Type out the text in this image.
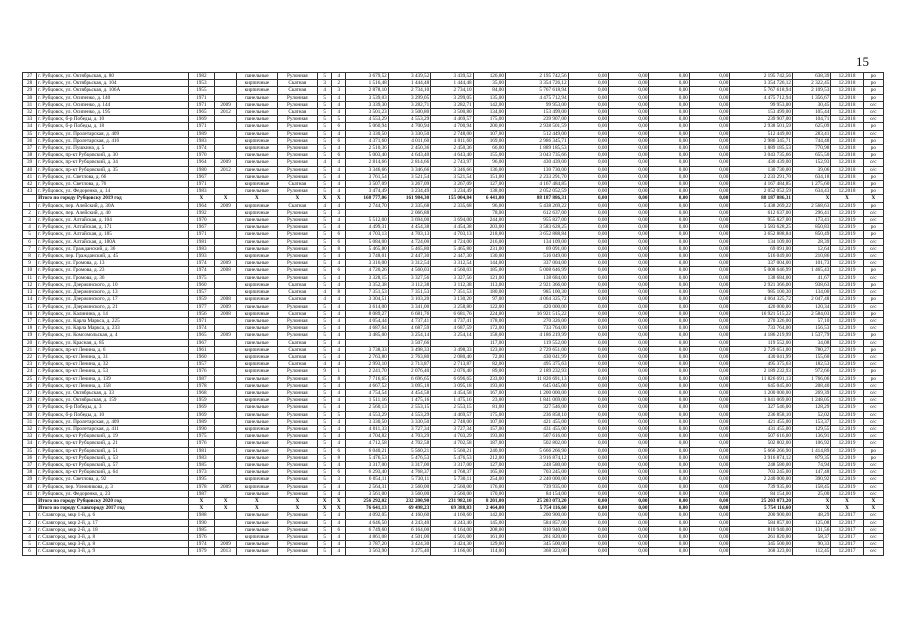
15
27	г. Рубцовск, ул. Октябрьская, д. 80	1982		панельные	Рулонная	5	4	3 679,52	3 439,52	3 439,52	126,00	2 195 742,56	0,00	0,00	0,00	0,00	2 195 742,56	638,39	12.2018	ро
28	г. Рубцовск, ул. Октябрьская, д. 104	1953		кирпичные	Скатная	3	2	1 516,48	1 444,48	1 444,48	35,00	3 354 726,12	0,00	0,00	0,00	0,00	3 354 726,12	2 322,45	12.2018	ро
29	г. Рубцовск, ул. Октябрьская, д. 106А	1955		кирпичные	Скатная	4	3	2 878,10	2 734,10	2 734,10	84,00	5 767 618,94	0,00	0,00	0,00	0,00	5 767 618,94	2 109,53	12.2018	ро
30	г. Рубцовск, ул. Осипенко, д. 140	1971		панельные	Рулонная	5	4	3 539,03	3 299,05	3 299,05	135,00	4 475 712,94	0,00	0,00	0,00	0,00	4 475 712,94	1 356,67	12.2018	ро
31	г. Рубцовск, ул. Осипенко, д. 144	1971	2009	панельные	Рулонная	5	4	3 339,30	3 282,71	3 282,71	142,00	99 953,00	0,00	0,00	0,00	0,00	99 953,00	30,45	12.2018	о/с
32	г. Рубцовск, ул. Осипенко, д. 195	1965	2012	панельные	Скатная	5	4	3 501,23	3 500,80	3 500,80	134,00	153 499,00	0,00	0,00	0,00	0,00	153 499,00	105,44	12.2018	о/с
33	г. Рубцовск, б-р Победы, д. 10	1969		панельные	Рулонная	5	5	4 553,29	4 553,29	4 469,57	175,00	239 907,00	0,00	0,00	0,00	0,00	239 907,00	104,71	12.2018	о/с
34	г. Рубцовск, б-р Победы, д. 18	1971		панельные	Рулонная	5	6	5 060,94	4 700,94	4 700,94	200,00	2 938 501,59	0,00	0,00	0,00	0,00	2 938 501,59	625,09	12.2018	ро
35	г. Рубцовск, ул. Пролетарская, д. 409	1989		панельные	Рулонная	5	4	3 330,50	3 330,50	2 748,00	107,00	512 449,00	0,00	0,00	0,00	0,00	512 449,00	283,41	12.2018	о/с
36	г. Рубцовск, ул. Пролетарская, д. 416	1983		кирпичные	Рулонная	5	6	4 371,60	4 011,60	4 011,60	169,00	2 986 345,71	0,00	0,00	0,00	0,00	2 986 345,71	744,48	12.2018	ро
37	г. Рубцовск, ул. Пушкина, д. 5	1974		кирпичные	Рулонная	5	4	2 510,36	2 450,36	2 450,36	66,00	1 889 185,53	0,00	0,00	0,00	0,00	1 889 185,53	770,98	12.2018	ро
38	г. Рубцовск, пр-кт Рубцовский, д. 30	1970		панельные	Рулонная	5	6	5 003,40	4 643,40	4 643,40	155,00	3 043 735,66	0,00	0,00	0,00	0,00	3 043 735,66	655,50	12.2018	ро
39	г. Рубцовск, пр-кт Рубцовский, д. 34	1964	2009	панельные	Рулонная	4	4	2 814,66	2 814,66	2 743,97	96,00	430 439,00	0,00	0,00	0,00	0,00	430 439,00	152,93	12.2018	о/с
40	г. Рубцовск, пр-кт Рубцовский, д. 35	1980	2012	панельные	Рулонная	5	4	3 346,66	3 346,66	3 346,66	136,00	130 730,00	0,00	0,00	0,00	0,00	130 730,00	39,06	12.2018	о/с
41	г. Рубцовск, ул. Светлова, д. 66	1967		панельные	Рулонная	5	4	3 761,54	3 521,54	3 521,54	151,00	2 233 291,70	0,00	0,00	0,00	0,00	2 233 291,70	634,18	12.2018	ро
42	г. Рубцовск, ул. Светлова, д. 76	1971		кирпичные	Скатная	5	4	3 507,09	3 267,09	3 267,09	127,00	4 167 484,85	0,00	0,00	0,00	0,00	4 167 484,85	1 275,60	12.2018	ро
43	г. Рубцовск, ул. Федоренко, д. 14	1983		панельные	Рулонная	5	4	3 474,49	3 234,49	3 234,49	138,00	2 052 052,59	0,00	0,00	0,00	0,00	2 052 052,59	634,43	12.2018	ро
	Итого по городу Рубцовску 2019 год	X	X	X	X	X	X	168 777,06	161 984,30	155 004,84	6 441,00	88 187 886,31	0,00	0,00	0,00	0,00	88 187 886,31	X	X	X
1	г. Рубцовск, пер. Алейский, д. 30А	1964	2009	кирпичные	Скатная	4	4	2 744,70	2 335,68	2 335,68	96,00	5 438 269,22	0,00	0,00	0,00	0,00	5 438 269,22	2 568,63	12.2019	ро
2	г. Рубцовск, пер. Алейский, д. 40	1992		кирпичные	Рулонная	5	3		2 066,88		78,00	612 637,00	0,00	0,00	0,00	0,00	612 637,00	296,41	12.2019	о/с
3	г. Рубцовск, ул. Алтайская, д. 104	1970		панельные	Рулонная	5	4	5 512,00	3 694,00	3 694,00	244,00	955 827,00	0,00	0,00	0,00	0,00	955 827,00	173,41	12.2019	о/с
4	г. Рубцовск, ул. Алтайская, д. 171	1967		панельные	Рулонная	5	4	4 499,31	4 454,38	4 454,38	203,00	3 583 628,25	0,00	0,00	0,00	0,00	3 583 628,25	850,83	12.2019	ро
5	г. Рубцовск, ул. Алтайская, д. 185	1971		панельные	Рулонная	5	6	4 703,13	4 703,13	4 703,13	218,00	3 652 888,84	0,00	0,00	0,00	0,00	3 652 888,84	850,49	12.2019	ро
6	г. Рубцовск, ул. Алтайская, д. 180А	1981		панельные	Рулонная	5	6	5 084,00	4 724,00	4 724,00	216,00	134 109,00	0,00	0,00	0,00	0,00	134 109,00	28,39	12.2019	о/с
7	г. Рубцовск, ул. Гражданский, д. 36	1983		панельные	Рулонная	5	8	5 465,80	5 465,80	5 465,80	231,00	69 091,00	0,00	0,00	0,00	0,00	69 091,00	12,64	12.2019	о/с
8	г. Рубцовск, пер. Гражданский, д. 45	1993		кирпичные	Рулонная	5	4	3 748,01	2 447,30	2 447,30	130,00	516 049,00	0,00	0,00	0,00	0,00	516 049,00	210,86	12.2019	о/с
9	г. Рубцовск, ул. Громова, д. 13	1974	2009	панельные	Рулонная	5	4	3 316,00	3 312,54	3 312,54	144,00	337 004,00	0,00	0,00	0,00	0,00	337 004,00	101,73	12.2019	о/с
10	г. Рубцовск, ул. Громова, д. 23	1974	2008	панельные	Рулонная	5	6	4 720,26	4 560,03	4 560,03	185,00	5 008 646,99	0,00	0,00	0,00	0,00	5 008 646,99	1 465,43	12.2019	ро
11	г. Рубцовск, ул. Громова, д. 36	1975		панельные	Рулонная	5	4	3 328,15	3 327,56	3 327,56	121,00	138 684,00	0,00	0,00	0,00	0,00	138 684,00	41,67	12.2019	о/с
12	г. Рубцовск, ул. Дзержинского, д. 10	1960		кирпичные	Скатная	5	4	3 352,38	3 112,38	3 112,38	113,00	2 921 366,00	0,00	0,00	0,00	0,00	2 921 366,00	938,63	12.2019	ро
13	г. Рубцовск, ул. Дзержинского, д. 13	1957		кирпичные	Скатная	4	8	7 351,53	7 351,53	7 351,53	180,00	985 100,30	0,00	0,00	0,00	0,00	985 100,30	134,00	12.2019	о/с
14	г. Рубцовск, ул. Дзержинского, д. 17	1959	2008	кирпичные	Скатная	4	4	3 304,51	3 103,20	3 130,20	97,00	4 064 325,72	0,00	0,00	0,00	0,00	4 064 325,72	2 047,48	12.2019	ро
15	г. Рубцовск, ул. Дзержинского, д. 21	1977	2009	панельные	Рулонная	5	4	3 614,00	3 341,00	3 258,80	122,00	420 000,00	0,00	0,00	0,00	0,00	420 000,00	120,34	12.2019	о/с
16	г. Рубцовск, ул. Калинина, д. 14	1956	2008	кирпичные	Скатная	5	4	8 089,27	6 681,76	6 681,76	224,00	16 921 515,22	0,00	0,00	0,00	0,00	16 921 515,22	2 584,03	12.2019	ро
17	г. Рубцовск, ул. Карла Маркса, д. 225	1971		панельные	Рулонная	5	4	4 054,44	4 737,41	4 737,41	178,00	270 326,00	0,00	0,00	0,00	0,00	270 326,00	57,10	12.2019	о/с
18	г. Рубцовск, ул. Карла Маркса, д. 233	1974		панельные	Рулонная	5	4	4 687,64	4 687,59	4 687,59	172,00	733 764,00	0,00	0,00	0,00	0,00	733 764,00	156,53	12.2019	о/с
19	г. Рубцовск, ул. Комсомольская, д. 4	1965	2009	панельные	Рулонная	5	4	3 485,00	3 254,14	3 254,14	158,00	4 186 219,99	0,00	0,00	0,00	0,00	4 186 219,99	1 537,79	12.2019	ро
20	г. Рубцовск, ул. Красная, д. 85	1967		панельные	Скатная	5	4		3 507,66		117,00	119 552,00	0,00	0,00	0,00	0,00	119 552,00	34,08	12.2019	о/с
21	г. Рубцовск, пр-кт Ленина, д. 6	1961		кирпичные	Скатная	5	4	3 738,33	3 498,33	3 498,33	123,00	2 729 651,00	0,00	0,00	0,00	0,00	2 729 651,00	780,27	12.2019	ро
22	г. Рубцовск, пр-кт Ленина, д. 31	1960		кирпичные	Скатная	5	4	2 763,80	2 763,80	2 080,40	72,00	430 041,99	0,00	0,00	0,00	0,00	430 041,99	155,60	12.2019	о/с
23	г. Рубцовск, пр-кт Ленина, д. 32	1957		кирпичные	Скатная	4	4	2 993,10	2 713,87	2 713,87	82,00	495 375,63	0,00	0,00	0,00	0,00	495 375,63	182,53	12.2019	о/с
24	г. Рубцовск, пр-кт Ленина, д. 53	1976		кирпичные	Рулонная	9	1	2 241,70	2 076,40	2 076,40	89,00	2 189 232,93	0,00	0,00	0,00	0,00	2 189 232,93	972,66	12.2019	ро
25	г. Рубцовск, пр-кт Ленина, д. 139	1987		панельные	Рулонная	5	8	7 716,65	6 696,65	6 696,65	233,00	11 826 691,13	0,00	0,00	0,00	0,00	11 826 691,13	1 766,06	12.2019	ро
26	г. Рубцовск, пр-кт Ленина, д. 158	1978		панельные	Рулонная	5	4	4 667,52	3 095,18	3 095,18	193,00	645 045,00	0,00	0,00	0,00	0,00	645 045,00	208,40	12.2019	о/с
27	г. Рубцовск, ул. Октябрьская, д. 33	1968		панельные	Рулонная	5	4	4 754,54	4 454,58	4 454,58	167,00	1 200 000,00	0,00	0,00	0,00	0,00	1 200 000,00	269,39	12.2019	о/с
28	г. Рубцовск, ул. Октябрьская, д. 159	1959		кирпичные	Рулонная	5	4	1 511,16	1 475,16	1 475,16	23,00	1 841 069,00	0,00	0,00	0,00	0,00	1 841 069,00	1 248,05	12.2019	о/с
29	г. Рубцовск, б-р Победы, д. 3	1969		панельные	Рулонная	5	4	2 560,13	2 553,15	2 553,15	81,00	327 546,00	0,00	0,00	0,00	0,00	327 546,00	128,29	12.2019	о/с
30	г. Рубцовск, б-р Победы, д. 10	1969		панельные	Рулонная	5	5	4 553,29	4 553,29	4 469,57	175,00	236 858,10	0,00	0,00	0,00	0,00	236 858,10	52,02	12.2019	о/с
31	г. Рубцовск, ул. Пролетарская, д. 409	1989		панельные	Рулонная	5	4	3 330,50	3 330,50	2 748,00	107,00	421 455,00	0,00	0,00	0,00	0,00	421 455,00	153,37	12.2019	о/с
32	г. Рубцовск, ул. Пролетарская, д. 411	1990		кирпичные	Рулонная	5	4	4 011,33	3 727,34	3 727,34	157,00	431 455,00	0,00	0,00	0,00	0,00	431 455,00	129,55	12.2019	о/с
33	г. Рубцовск, пр-кт Рубцовский, д. 19	1975		панельные	Рулонная	5	4	4 704,82	4 703,29	4 703,29	193,00	507 616,00	0,00	0,00	0,00	0,00	507 616,00	136,91	12.2019	о/с
34	г. Рубцовск, пр-кт Рубцовский, д. 21	1976		панельные	Рулонная	5	4	4 712,58	4 702,58	4 702,58	187,00	502 802,00	0,00	0,00	0,00	0,00	502 802,00	106,92	12.2019	о/с
35	г. Рубцовск, пр-кт Рубцовский, д. 51	1981		панельные	Рулонная	5	6	6 040,21	5 560,21	5 560,21	240,00	5 666 266,90	0,00	0,00	0,00	0,00	5 666 266,90	1 414,89	12.2019	ро
36	г. Рубцовск, пр-кт Рубцовский, д. 53	1983		панельные	Рулонная	5	8	5 476,53	5 476,53	5 476,53	212,00	3 916 874,12	0,00	0,00	0,00	0,00	3 916 874,12	879,35	12.2019	ро
37	г. Рубцовск, пр-кт Рубцовский, д. 57	1985		панельные	Рулонная	5	4	3 317,00	3 317,00	3 317,00	127,00	248 580,00	0,00	0,00	0,00	0,00	248 580,00	74,94	12.2019	о/с
38	г. Рубцовск, пр-кт Рубцовский, д. 64	1973		панельные	Рулонная	5	6	6 293,40	4 768,37	4 768,37	165,00	703 245,00	0,00	0,00	0,00	0,00	703 245,00	147,48	12.2019	о/с
39	г. Рубцовск, ул. Светлова, д. 92	1995		кирпичные	Рулонная	5	3	6 054,11	5 730,11	5 730,11	254,00	2 240 000,00	0,00	0,00	0,00	0,00	2 240 000,00	390,92	12.2019	о/с
40	г. Рубцовск, пер. Улежникова, д. 3	1978	2009	кирпичные	Рулонная	5	4	2 564,31	2 560,00	2 560,00	176,00	739 935,00	0,00	0,00	0,00	0,00	739 935,00	158,45	12.2019	о/с
41	г. Рубцовск, ул. Федоренко, д. 23	1987		панельные	Рулонная	5	4	3 561,00	3 560,00	3 560,00	170,00	84 154,00	0,00	0,00	0,00	0,00	84 154,00	25,00	12.2019	о/с
	Итого по городу Рубцовску 2020 год	X	X	X	X	X	X	256 292,02	232 200,90	231 982,10	8 201,00	25 203 073,20	0,00	0,00	0,00	0,00	25 203 073,20	X	X	X
	Итого по городу Славгороду 2017 год	X	X	X	X	X	X	76 641,13	69 498,23	69 388,83	2 464,00	5 754 116,60	0,00	0,00	0,00	0,00	5 754 116,60	X	X	X
1	г. Славгород, мкр 1-й, д. 6	1988		панельные	Рулонная	5	4	4 092,05	4 160,60	4 160,60	142,00	200 900,00	0,00	0,00	0,00	0,00	200 900,00	48,29	12.2017	о/с
2	г. Славгород, мкр 2-й, д. 17	1990		панельные	Рулонная	5	4	4 646,50	4 243,40	4 243,40	145,00	584 857,00	0,00	0,00	0,00	0,00	584 857,00	125,08	12.2017	о/с
3	г. Славгород, мкр 2-й, д. 18	1985		панельные	Рулонная	5	6	6 749,60	6 164,00	6 164,00	208,00	810 940,00	0,00	0,00	0,00	0,00	810 940,00	131,56	12.2017	о/с
4	г. Славгород, мкр 3-й, д. 8	1976		кирпичные	Рулонная	5	4	4 861,08	4 501,00	4 501,00	161,00	261 820,00	0,00	0,00	0,00	0,00	261 820,00	58,37	12.2017	о/с
5	г. Славгород, мкр 3-й, д. 8	1974	2009	панельные	Рулонная	5	4	3 787,20	3 424,30	3 424,30	129,00	345 500,00	0,00	0,00	0,00	0,00	345 500,00	90,33	12.2017	о/с
6	г. Славгород, мкр 3-й, д. 9	1979	2013	панельные	Рулонная	5	4	3 563,90	3 275,40	3 166,00	114,00	368 323,00	0,00	0,00	0,00	0,00	368 323,00	112,45	12.2017	о/с
